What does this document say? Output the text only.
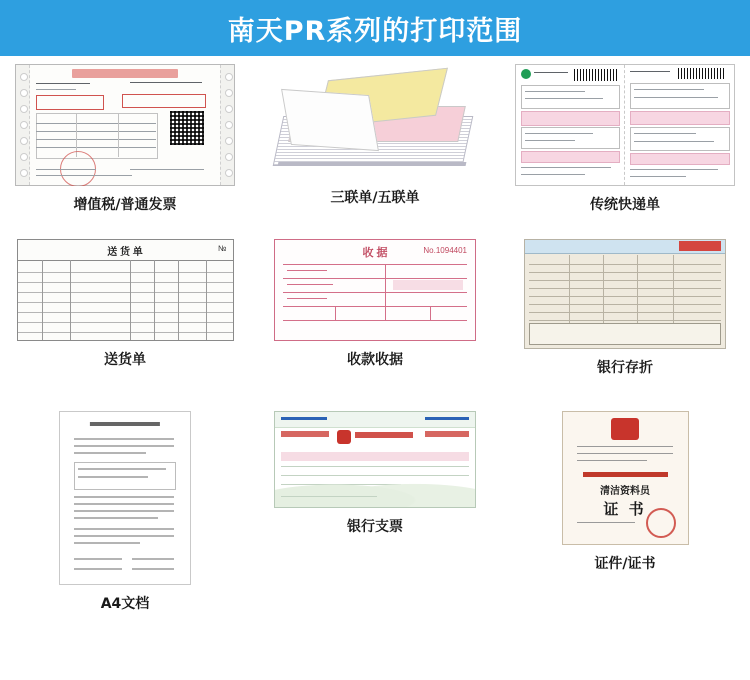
南天PR系列的打印范围
增值税/普通发票	三联单/五联单	传统快递单
送 货 单	№
送货单
收 据	No.1094401
收款收据	银行存折
A4文档
银行支票
清洁资料员
证 书
证件/证书
